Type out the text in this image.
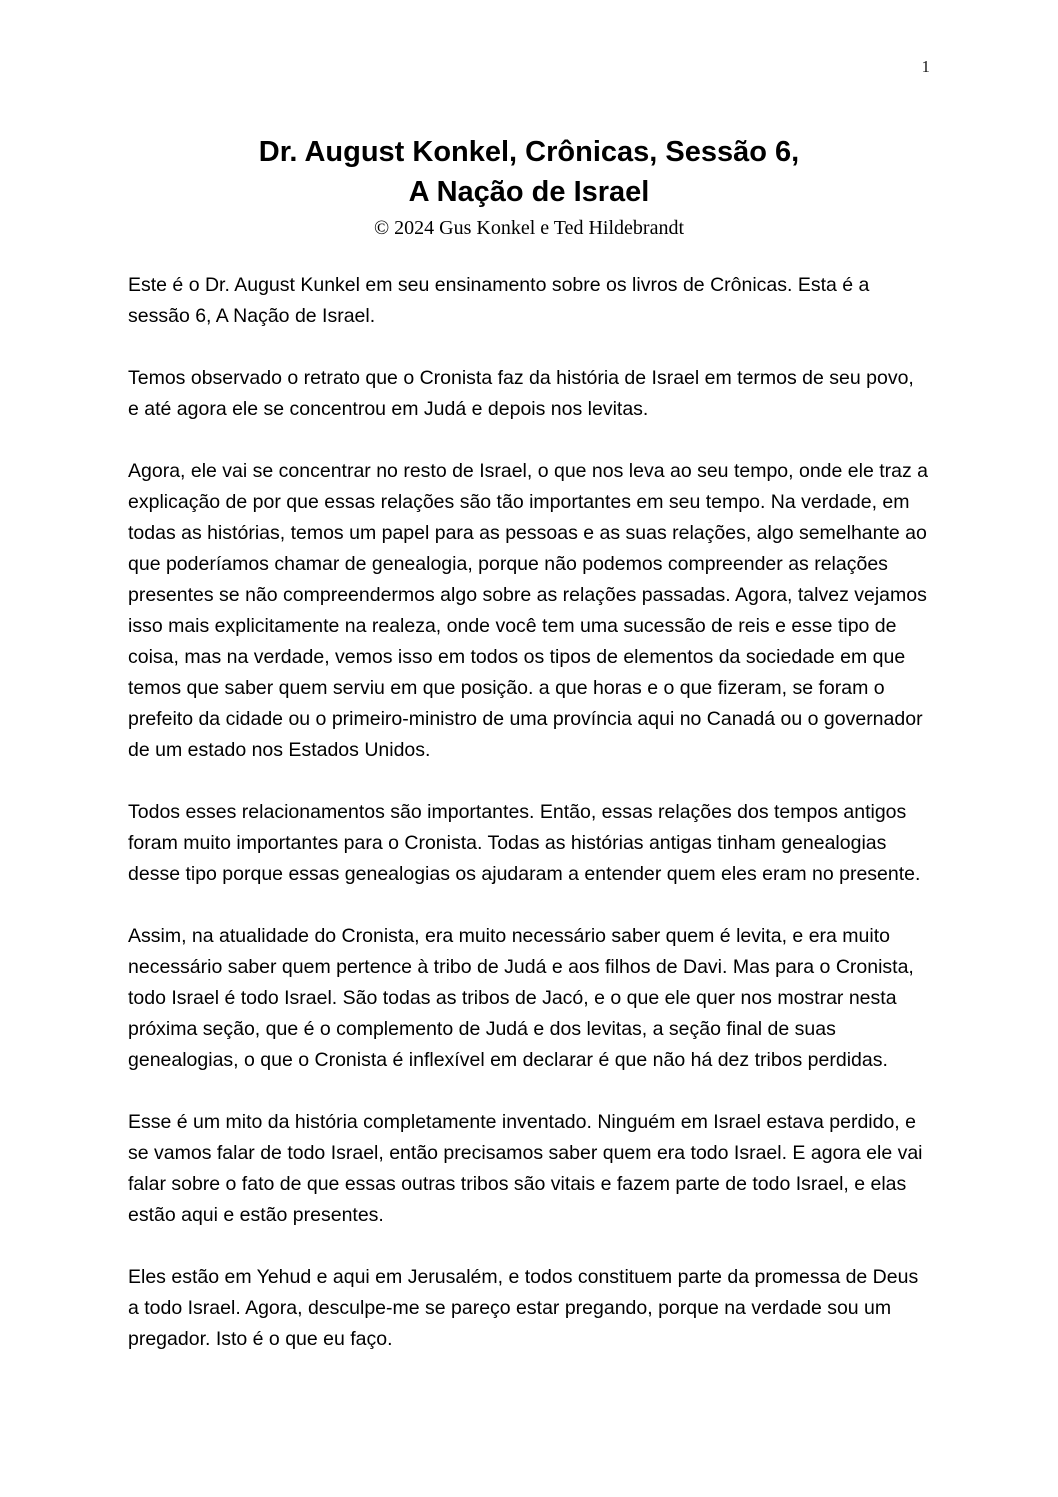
1
Dr. August Konkel, Crônicas, Sessão 6,
A Nação de Israel
© 2024 Gus Konkel e Ted Hildebrandt

Este é o Dr. August Kunkel em seu ensinamento sobre os livros de Crônicas. Esta é a sessão 6, A Nação de Israel.

Temos observado o retrato que o Cronista faz da história de Israel em termos de seu povo, e até agora ele se concentrou em Judá e depois nos levitas.

Agora, ele vai se concentrar no resto de Israel, o que nos leva ao seu tempo, onde ele traz a explicação de por que essas relações são tão importantes em seu tempo. Na verdade, em todas as histórias, temos um papel para as pessoas e as suas relações, algo semelhante ao que poderíamos chamar de genealogia, porque não podemos compreender as relações presentes se não compreendermos algo sobre as relações passadas. Agora, talvez vejamos isso mais explicitamente na realeza, onde você tem uma sucessão de reis e esse tipo de coisa, mas na verdade, vemos isso em todos os tipos de elementos da sociedade em que temos que saber quem serviu em que posição. a que horas e o que fizeram, se foram o prefeito da cidade ou o primeiro-ministro de uma província aqui no Canadá ou o governador de um estado nos Estados Unidos.

Todos esses relacionamentos são importantes. Então, essas relações dos tempos antigos foram muito importantes para o Cronista. Todas as histórias antigas tinham genealogias desse tipo porque essas genealogias os ajudaram a entender quem eles eram no presente.

Assim, na atualidade do Cronista, era muito necessário saber quem é levita, e era muito necessário saber quem pertence à tribo de Judá e aos filhos de Davi. Mas para o Cronista, todo Israel é todo Israel. São todas as tribos de Jacó, e o que ele quer nos mostrar nesta próxima seção, que é o complemento de Judá e dos levitas, a seção final de suas genealogias, o que o Cronista é inflexível em declarar é que não há dez tribos perdidas.

Esse é um mito da história completamente inventado. Ninguém em Israel estava perdido, e se vamos falar de todo Israel, então precisamos saber quem era todo Israel. E agora ele vai falar sobre o fato de que essas outras tribos são vitais e fazem parte de todo Israel, e elas estão aqui e estão presentes.

Eles estão em Yehud e aqui em Jerusalém, e todos constituem parte da promessa de Deus a todo Israel. Agora, desculpe-me se pareço estar pregando, porque na verdade sou um pregador. Isto é o que eu faço.
